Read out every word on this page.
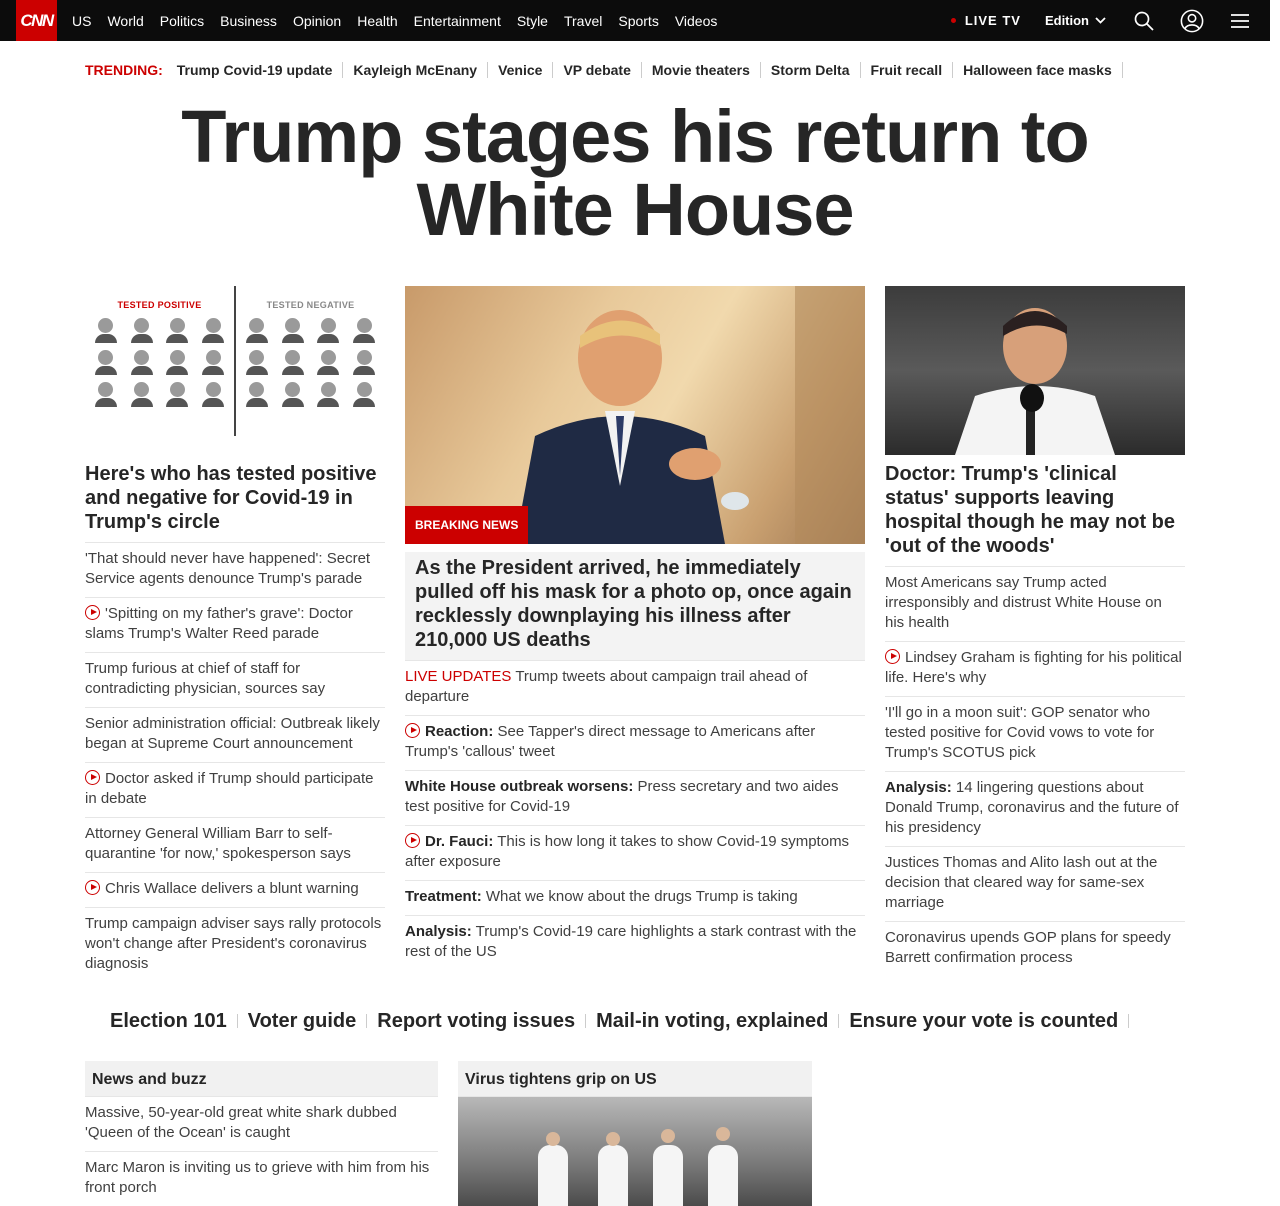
CNN	US World Politics Business Opinion Health Entertainment Style Travel Sports Videos	LIVE TV Edition
TRENDING:	Trump Covid-19 update	Kayleigh McEnany	Venice	VP debate	Movie theaters	Storm Delta	Fruit recall	Halloween face masks
Trump stages his return to White House
TESTED POSITIVE	TESTED NEGATIVE
Here's who has tested positive and negative for Covid-19 in Trump's circle
'That should never have happened': Secret Service agents denounce Trump's parade
'Spitting on my father's grave': Doctor slams Trump's Walter Reed parade
Trump furious at chief of staff for contradicting physician, sources say
Senior administration official: Outbreak likely began at Supreme Court announcement
Doctor asked if Trump should participate in debate
Attorney General William Barr to self-quarantine 'for now,' spokesperson says
Chris Wallace delivers a blunt warning
Trump campaign adviser says rally protocols won't change after President's coronavirus diagnosis
BREAKING NEWS
As the President arrived, he immediately pulled off his mask for a photo op, once again recklessly downplaying his illness after 210,000 US deaths
LIVE UPDATES Trump tweets about campaign trail ahead of departure
Reaction: See Tapper's direct message to Americans after Trump's 'callous' tweet
White House outbreak worsens: Press secretary and two aides test positive for Covid-19
Dr. Fauci: This is how long it takes to show Covid-19 symptoms after exposure
Treatment: What we know about the drugs Trump is taking
Analysis: Trump's Covid-19 care highlights a stark contrast with the rest of the US
Doctor: Trump's 'clinical status' supports leaving hospital though he may not be 'out of the woods'
Most Americans say Trump acted irresponsibly and distrust White House on his health
Lindsey Graham is fighting for his political life. Here's why
'I'll go in a moon suit': GOP senator who tested positive for Covid vows to vote for Trump's SCOTUS pick
Analysis: 14 lingering questions about Donald Trump, coronavirus and the future of his presidency
Justices Thomas and Alito lash out at the decision that cleared way for same-sex marriage
Coronavirus upends GOP plans for speedy Barrett confirmation process
Election 101	Voter guide	Report voting issues	Mail-in voting, explained	Ensure your vote is counted
News and buzz
Massive, 50-year-old great white shark dubbed 'Queen of the Ocean' is caught
Marc Maron is inviting us to grieve with him from his front porch
Virus tightens grip on US
